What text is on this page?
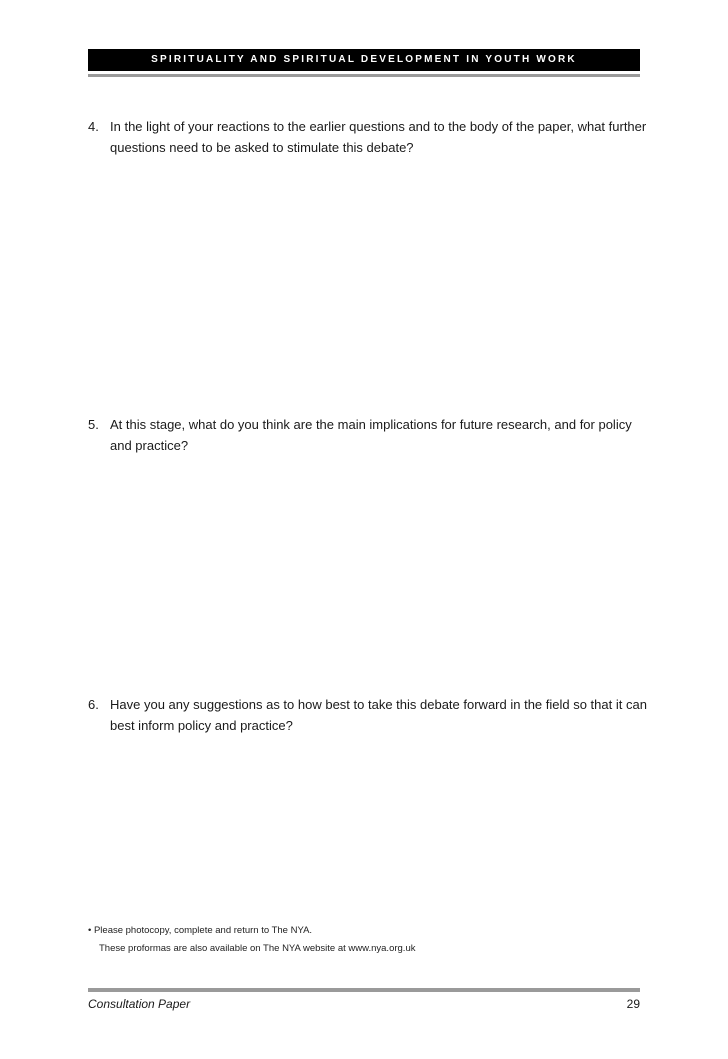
SPIRITUALITY AND SPIRITUAL DEVELOPMENT IN YOUTH WORK
4. In the light of your reactions to the earlier questions and to the body of the paper, what further questions need to be asked to stimulate this debate?
5. At this stage, what do you think are the main implications for future research, and for policy and practice?
6. Have you any suggestions as to how best to take this debate forward in the field so that it can best inform policy and practice?
• Please photocopy, complete and return to The NYA.
These proformas are also available on The NYA website at www.nya.org.uk
Consultation Paper	29
